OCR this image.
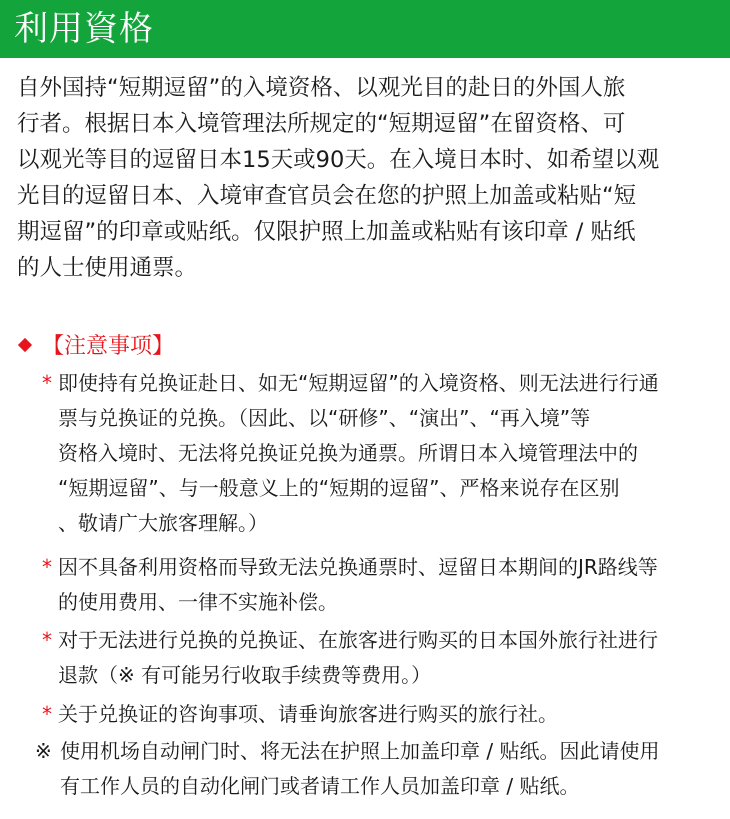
利用資格
自外国持“短期逗留”的入境资格、以观光目的赴日的外国人旅
行者。根据日本入境管理法所规定的“短期逗留”在留资格、可
以观光等目的逗留日本15天或90天。在入境日本时、如希望以观
光目的逗留日本、入境审查官员会在您的护照上加盖或粘贴“短
期逗留”的印章或贴纸。仅限护照上加盖或粘贴有该印章 / 贴纸
的人士使用通票。
【注意事项】
* 即使持有兑换证赴日、如无“短期逗留”的入境资格、则无法进行行通
票与兑换证的兑换。（因此、以“研修”、“演出”、“再入境”等
资格入境时、无法将兑换证兑换为通票。所谓日本入境管理法中的
“短期逗留”、与一般意义上的“短期的逗留”、严格来说存在区别
、敬请广大旅客理解。）
* 因不具备利用资格而导致无法兑换通票时、逗留日本期间的JR路线等
的使用费用、一律不实施补偿。
* 对于无法进行兑换的兑换证、在旅客进行购买的日本国外旅行社进行
退款（※ 有可能另行收取手续费等费用。）
* 关于兑换证的咨询事项、请垂询旅客进行购买的旅行社。
※ 使用机场自动闸门时、将无法在护照上加盖印章 / 贴纸。因此请使用
有工作人员的自动化闸门或者请工作人员加盖印章 / 贴纸。
